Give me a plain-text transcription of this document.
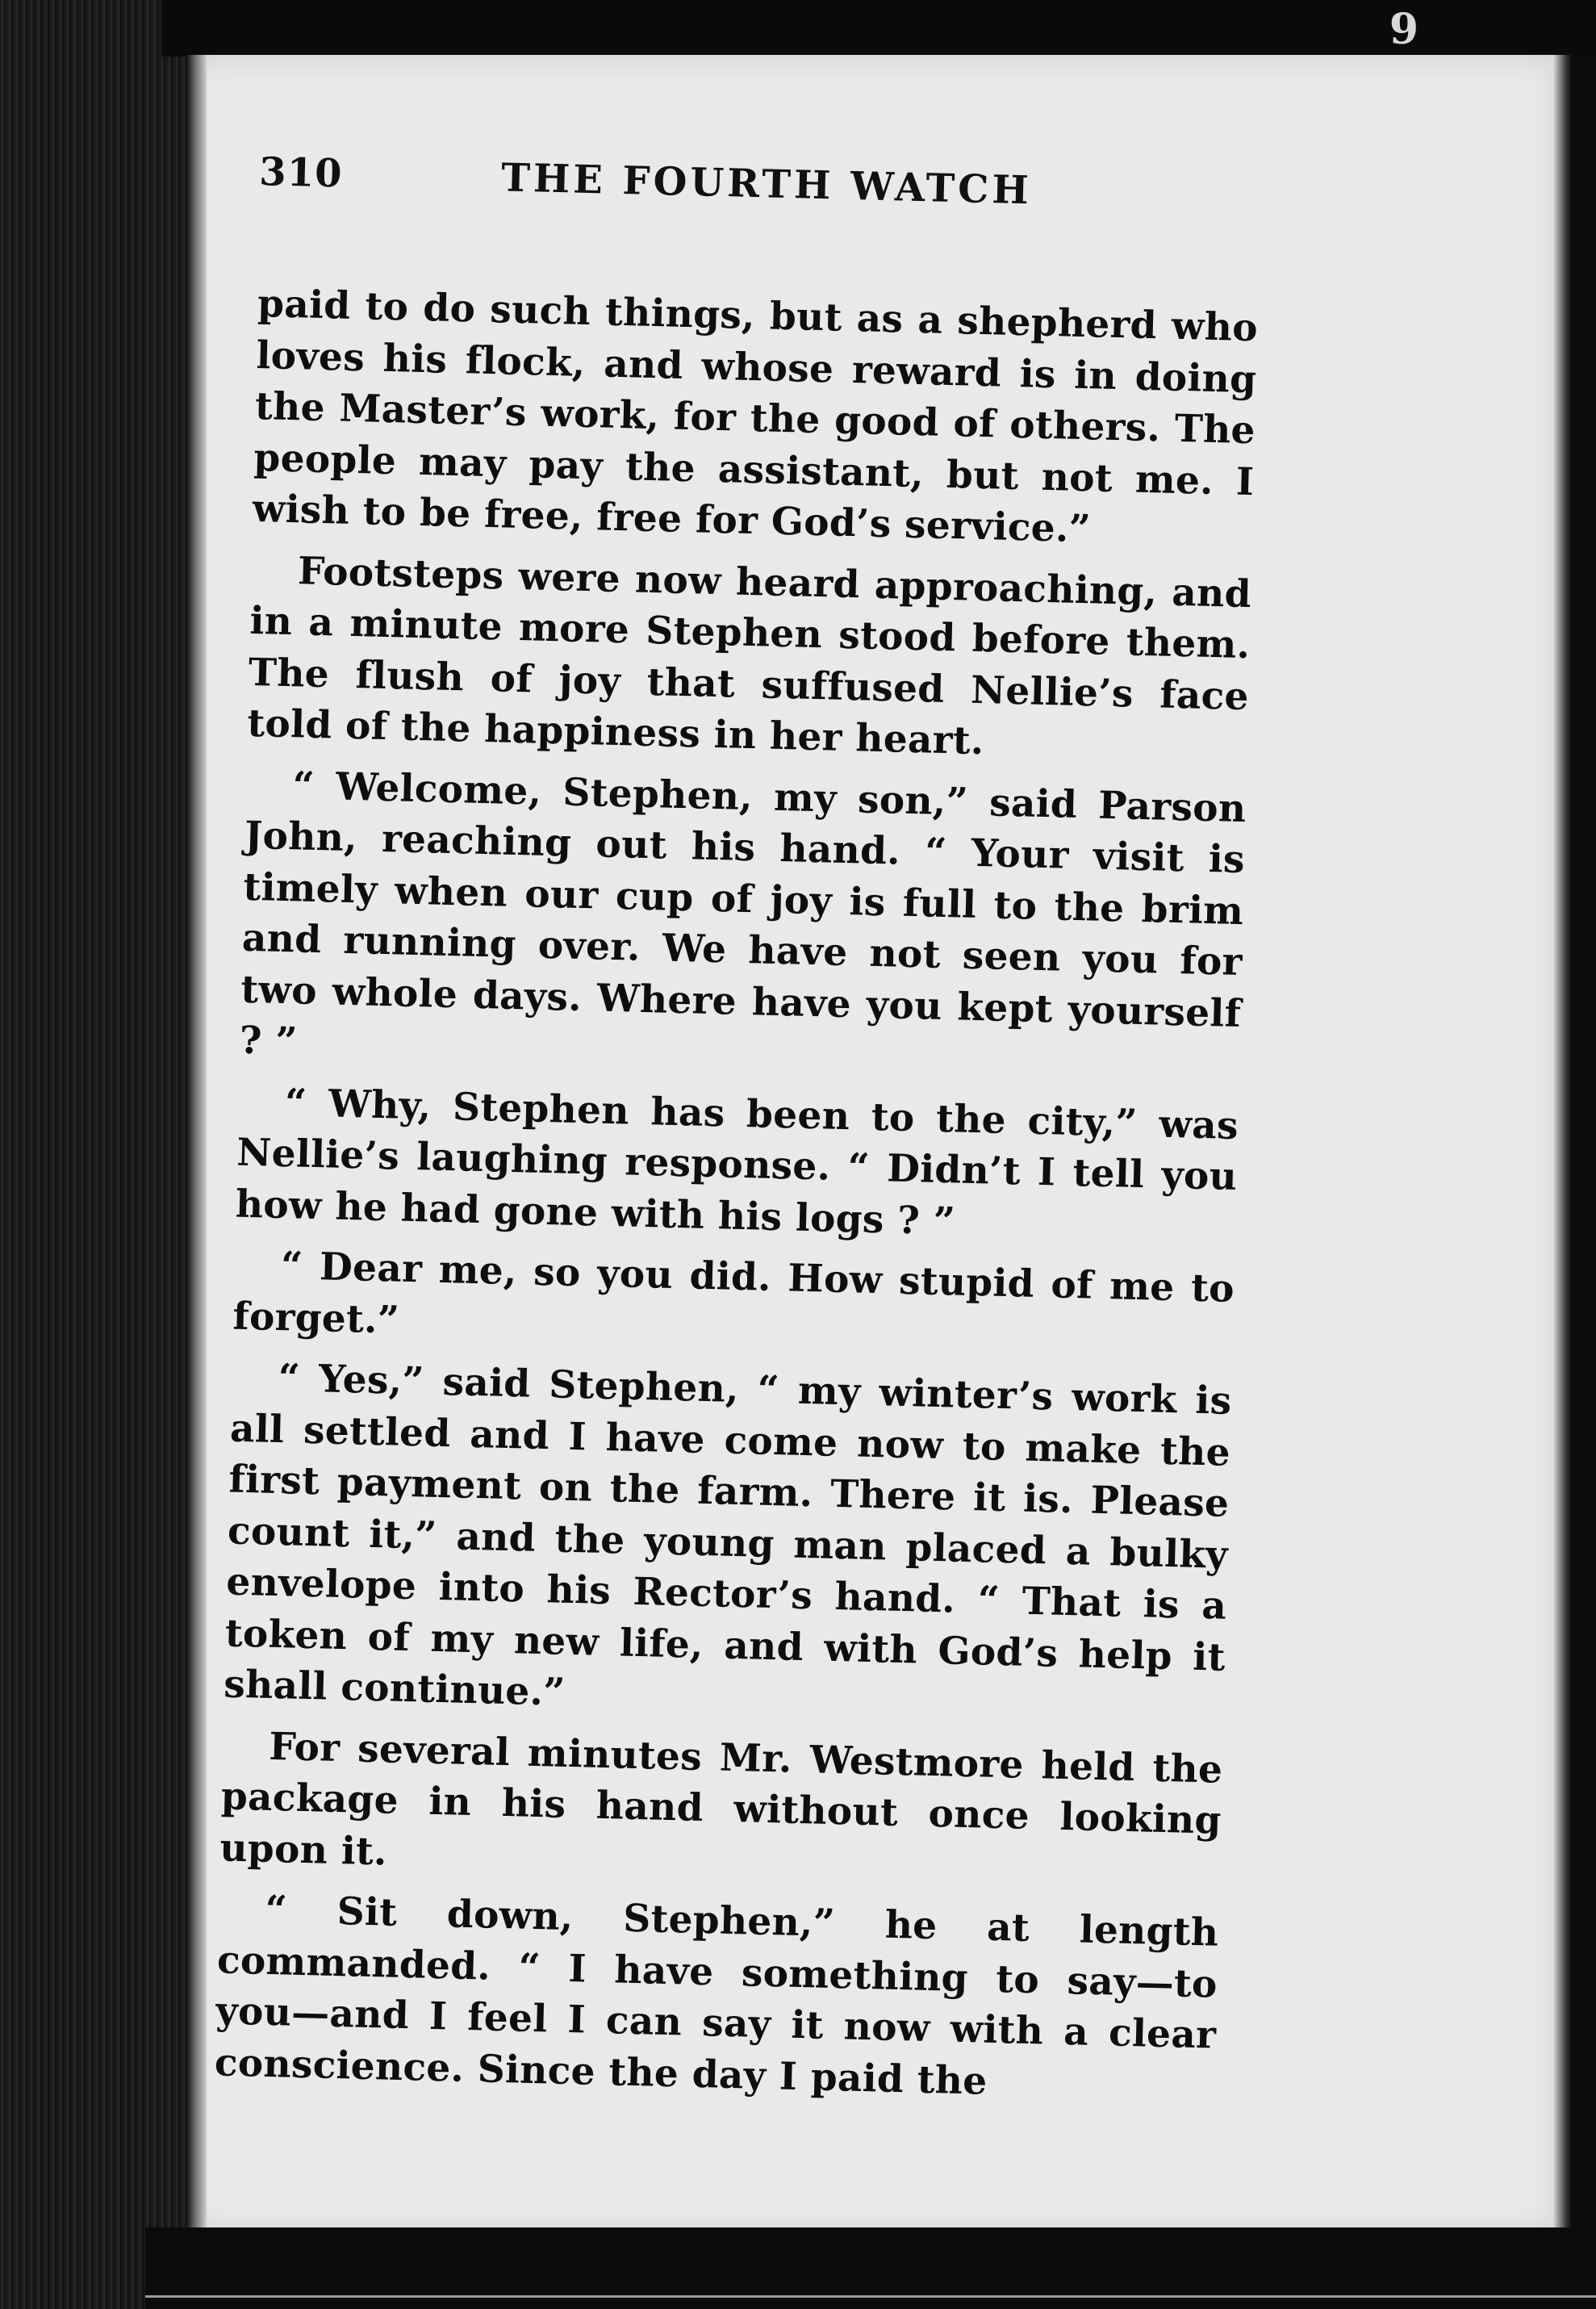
9
310	THE FOURTH WATCH

paid to do such things, but as a shepherd who loves his flock, and whose reward is in doing the Master’s work, for the good of others. The people may pay the assistant, but not me. I wish to be free, free for God’s service.”

Footsteps were now heard approaching, and in a minute more Stephen stood before them. The flush of joy that suffused Nellie’s face told of the happiness in her heart.

“ Welcome, Stephen, my son,” said Parson John, reaching out his hand. “ Your visit is timely when our cup of joy is full to the brim and running over. We have not seen you for two whole days. Where have you kept yourself ? ”

“ Why, Stephen has been to the city,” was Nellie’s laughing response. “ Didn’t I tell you how he had gone with his logs ? ”

“ Dear me, so you did. How stupid of me to forget.”

“ Yes,” said Stephen, “ my winter’s work is all settled and I have come now to make the first payment on the farm. There it is. Please count it,” and the young man placed a bulky envelope into his Rector’s hand. “ That is a token of my new life, and with God’s help it shall continue.”

For several minutes Mr. Westmore held the package in his hand without once looking upon it.

“ Sit down, Stephen,” he at length commanded. “ I have something to say—to you—and I feel I can say it now with a clear conscience. Since the day I paid the
